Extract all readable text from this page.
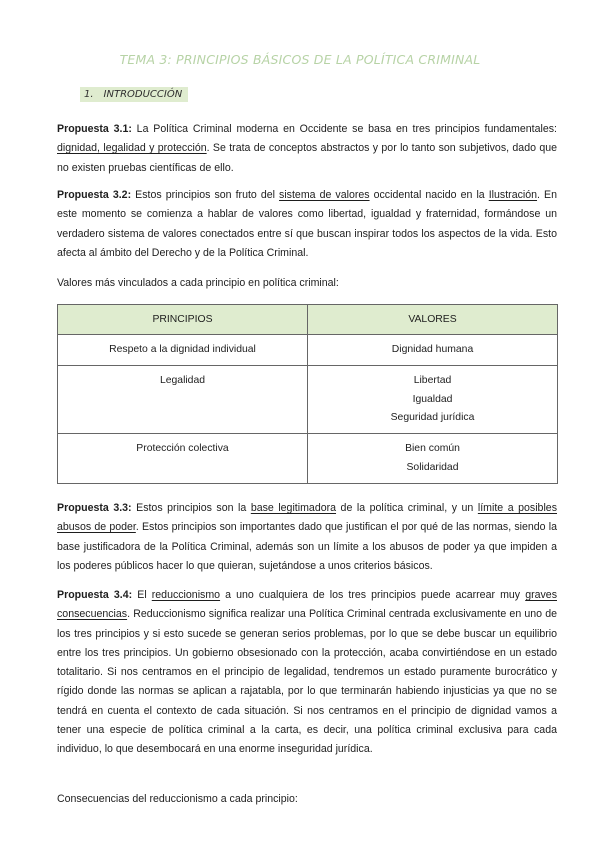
TEMA 3: PRINCIPIOS BÁSICOS DE LA POLÍTICA CRIMINAL
1. INTRODUCCIÓN
Propuesta 3.1: La Política Criminal moderna en Occidente se basa en tres principios fundamentales: dignidad, legalidad y protección. Se trata de conceptos abstractos y por lo tanto son subjetivos, dado que no existen pruebas científicas de ello.
Propuesta 3.2: Estos principios son fruto del sistema de valores occidental nacido en la Ilustración. En este momento se comienza a hablar de valores como libertad, igualdad y fraternidad, formándose un verdadero sistema de valores conectados entre sí que buscan inspirar todos los aspectos de la vida. Esto afecta al ámbito del Derecho y de la Política Criminal.
Valores más vinculados a cada principio en política criminal:
PRINCIPIOS	VALORES

Respeto a la dignidad individual	Dignidad humana

Legalidad	Libertad
Igualdad
Seguridad jurídica

Protección colectiva	Bien común
Solidaridad
Propuesta 3.3: Estos principios son la base legitimadora de la política criminal, y un límite a posibles abusos de poder. Estos principios son importantes dado que justifican el por qué de las normas, siendo la base justificadora de la Política Criminal, además son un límite a los abusos de poder ya que impiden a los poderes públicos hacer lo que quieran, sujetándose a unos criterios básicos.
Propuesta 3.4: El reduccionismo a uno cualquiera de los tres principios puede acarrear muy graves consecuencias. Reduccionismo significa realizar una Política Criminal centrada exclusivamente en uno de los tres principios y si esto sucede se generan serios problemas, por lo que se debe buscar un equilibrio entre los tres principios. Un gobierno obsesionado con la protección, acaba convirtiéndose en un estado totalitario. Si nos centramos en el principio de legalidad, tendremos un estado puramente burocrático y rígido donde las normas se aplican a rajatabla, por lo que terminarán habiendo injusticias ya que no se tendrá en cuenta el contexto de cada situación. Si nos centramos en el principio de dignidad vamos a tener una especie de política criminal a la carta, es decir, una política criminal exclusiva para cada individuo, lo que desembocará en una enorme inseguridad jurídica.
Consecuencias del reduccionismo a cada principio:
